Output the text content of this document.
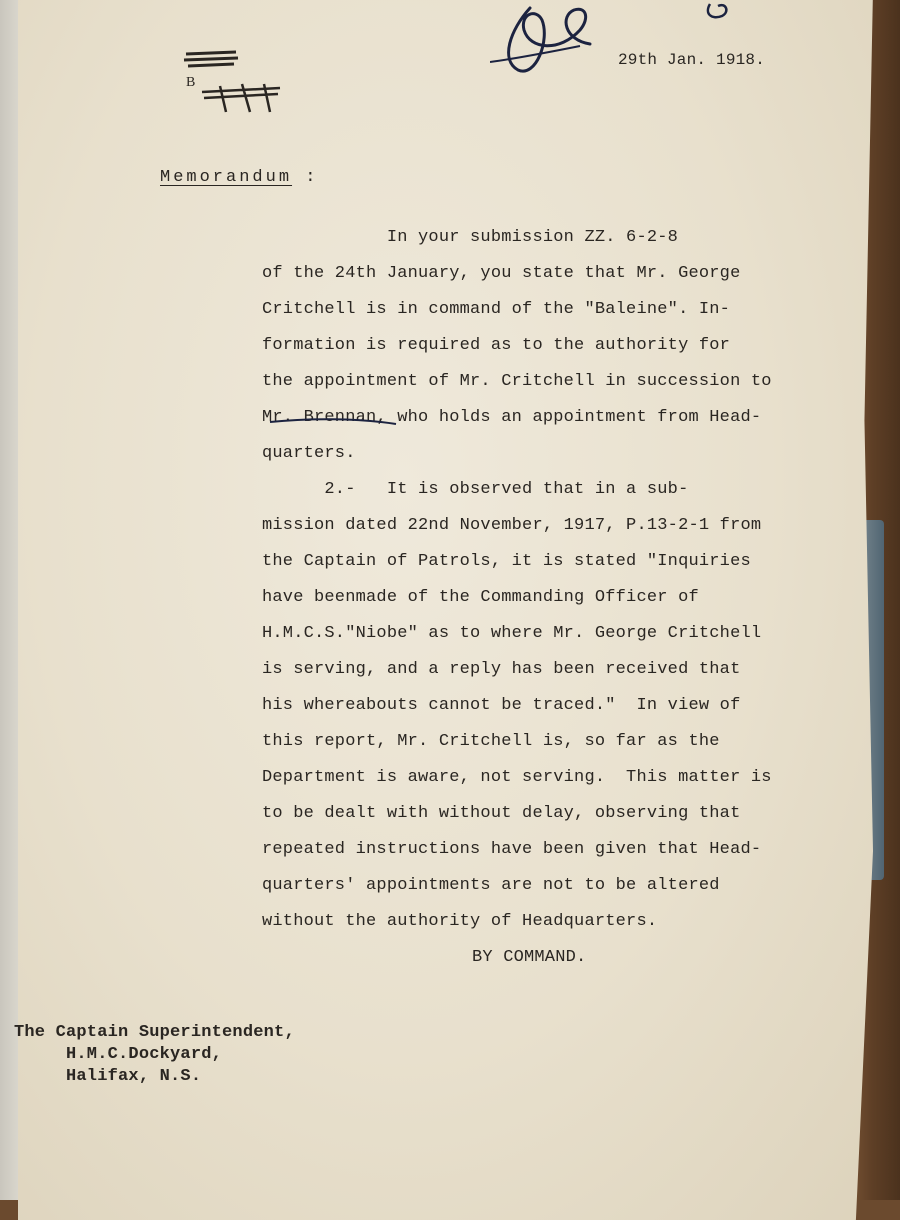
B
29th Jan. 1918.
Memorandum :
In your submission ZZ. 6-2-8
of the 24th January, you state that Mr. George
Critchell is in command of the "Baleine". In-
formation is required as to the authority for
the appointment of Mr. Critchell in succession to
Mr. Brennan, who holds an appointment from Head-
quarters.
2.-   It is observed that in a sub-
mission dated 22nd November, 1917, P.13-2-1 from
the Captain of Patrols, it is stated "Inquiries
have beenmade of the Commanding Officer of
H.M.C.S."Niobe" as to where Mr. George Critchell
is serving, and a reply has been received that
his whereabouts cannot be traced."  In view of
this report, Mr. Critchell is, so far as the
Department is aware, not serving.  This matter is
to be dealt with without delay, observing that
repeated instructions have been given that Head-
quarters' appointments are not to be altered
without the authority of Headquarters.
BY COMMAND.
The Captain Superintendent,
H.M.C.Dockyard,
Halifax, N.S.
